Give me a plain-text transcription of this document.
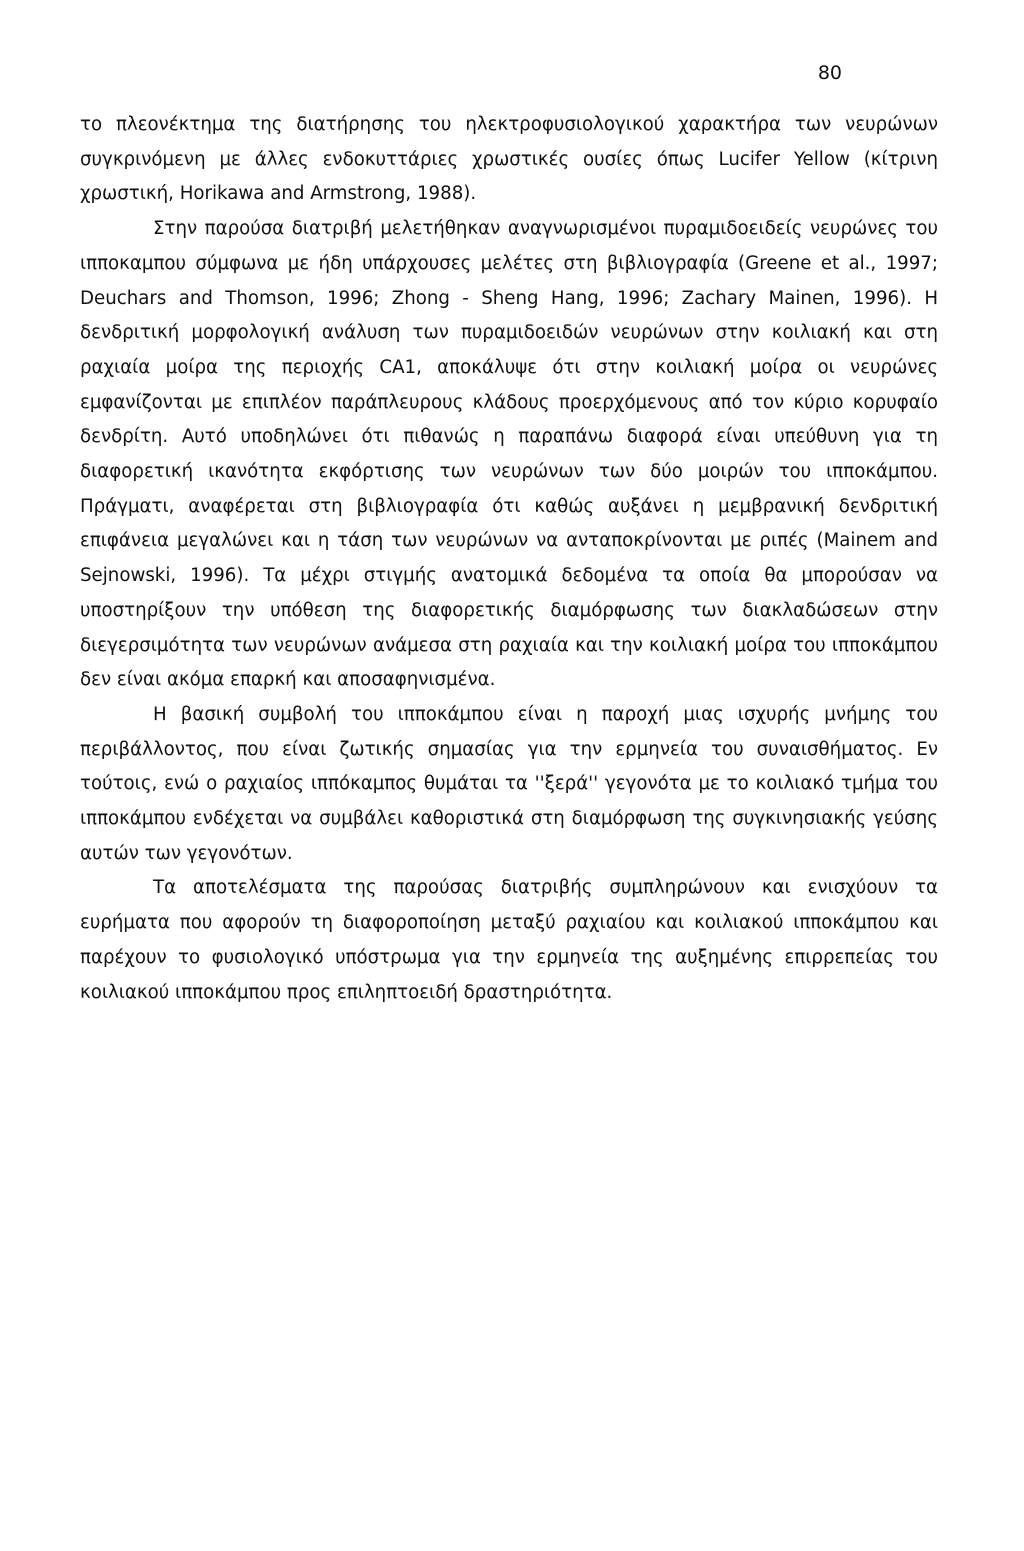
80

το πλεονέκτημα της διατήρησης του ηλεκτροφυσιολογικού χαρακτήρα των νευρώνων συγκρινόμενη με άλλες ενδοκυττάριες χρωστικές ουσίες όπως Lucifer Yellow (κίτρινη χρωστική, Horikawa and Armstrong, 1988).

Στην παρούσα διατριβή μελετήθηκαν αναγνωρισμένοι πυραμιδοειδείς νευρώνες του ιπποκαμπου σύμφωνα με ήδη υπάρχουσες μελέτες στη βιβλιογραφία (Greene et al., 1997; Deuchars and Thomson, 1996; Zhong - Sheng Hang, 1996; Zachary Mainen, 1996). Η δενδριτική μορφολογική ανάλυση των πυραμιδοειδών νευρώνων στην κοιλιακή και στη ραχιαία μοίρα της περιοχής CA1, αποκάλυψε ότι στην κοιλιακή μοίρα οι νευρώνες εμφανίζονται με επιπλέον παράπλευρους κλάδους προερχόμενους από τον κύριο κορυφαίο δενδρίτη. Αυτό υποδηλώνει ότι πιθανώς η παραπάνω διαφορά είναι υπεύθυνη για τη διαφορετική ικανότητα εκφόρτισης των νευρώνων των δύο μοιρών του ιπποκάμπου. Πράγματι, αναφέρεται στη βιβλιογραφία ότι καθώς αυξάνει η μεμβρανική δενδριτική επιφάνεια μεγαλώνει και η τάση των νευρώνων να ανταποκρίνονται με ριπές (Mainem and Sejnowski, 1996). Τα μέχρι στιγμής ανατομικά δεδομένα τα οποία θα μπορούσαν να υποστηρίξουν την υπόθεση της διαφορετικής διαμόρφωσης των διακλαδώσεων στην διεγερσιμότητα των νευρώνων ανάμεσα στη ραχιαία και την κοιλιακή μοίρα του ιπποκάμπου δεν είναι ακόμα επαρκή και αποσαφηνισμένα.

Η βασική συμβολή του ιπποκάμπου είναι η παροχή μιας ισχυρής μνήμης του περιβάλλοντος, που είναι ζωτικής σημασίας για την ερμηνεία του συναισθήματος. Εν τούτοις, ενώ ο ραχιαίος ιππόκαμπος θυμάται τα ''ξερά'' γεγονότα με το κοιλιακό τμήμα του ιπποκάμπου ενδέχεται να συμβάλει καθοριστικά στη διαμόρφωση της συγκινησιακής γεύσης αυτών των γεγονότων.

Τα αποτελέσματα της παρούσας διατριβής συμπληρώνουν και ενισχύουν τα ευρήματα που αφορούν τη διαφοροποίηση μεταξύ ραχιαίου και κοιλιακού ιπποκάμπου και παρέχουν το φυσιολογικό υπόστρωμα για την ερμηνεία της αυξημένης επιρρεπείας του κοιλιακού ιπποκάμπου προς επιληπτοειδή δραστηριότητα.
